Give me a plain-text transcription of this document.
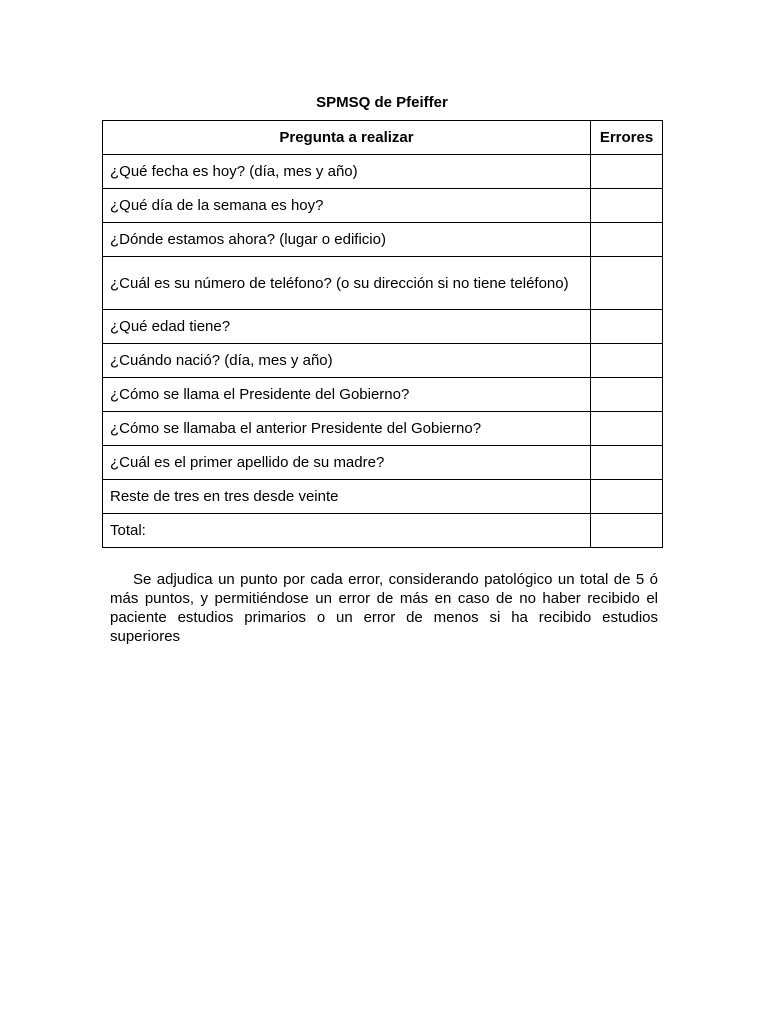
SPMSQ de Pfeiffer
Pregunta a realizar	Errores
¿Qué fecha es hoy? (día, mes y año)	
¿Qué día de la semana es hoy?	
¿Dónde estamos ahora? (lugar o edificio)	
¿Cuál es su número de teléfono? (o su dirección si no tiene teléfono)	
¿Qué edad tiene?	
¿Cuándo nació? (día, mes y año)	
¿Cómo se llama el Presidente del Gobierno?	
¿Cómo se llamaba el anterior Presidente del Gobierno?	
¿Cuál es el primer apellido de su madre?	
Reste de tres en tres desde veinte	
Total:	

Se adjudica un punto por cada error, considerando patológico un total de 5 ó más puntos, y permitiéndose un error de más en caso de no haber recibido el paciente estudios primarios o un error de menos si ha recibido estudios superiores
